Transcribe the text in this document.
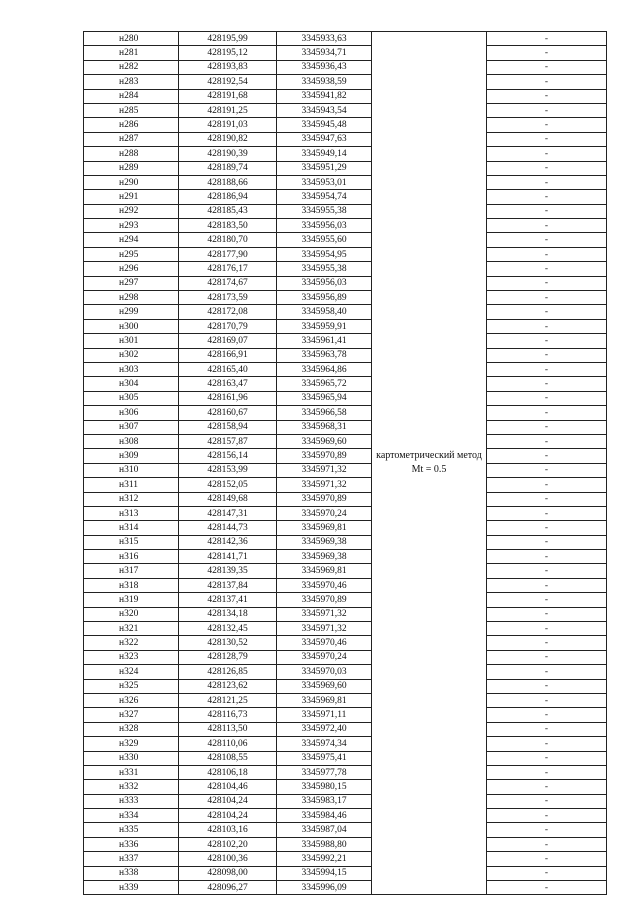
н280	428195,99	3345933,63	картометрический метод Mt = 0.5	-
н281	428195,12	3345934,71		-
н282	428193,83	3345936,43		-
н283	428192,54	3345938,59		-
н284	428191,68	3345941,82		-
н285	428191,25	3345943,54		-
н286	428191,03	3345945,48		-
н287	428190,82	3345947,63		-
н288	428190,39	3345949,14		-
н289	428189,74	3345951,29		-
н290	428188,66	3345953,01		-
н291	428186,94	3345954,74		-
н292	428185,43	3345955,38		-
н293	428183,50	3345956,03		-
н294	428180,70	3345955,60		-
н295	428177,90	3345954,95		-
н296	428176,17	3345955,38		-
н297	428174,67	3345956,03		-
н298	428173,59	3345956,89		-
н299	428172,08	3345958,40		-
н300	428170,79	3345959,91		-
н301	428169,07	3345961,41		-
н302	428166,91	3345963,78		-
н303	428165,40	3345964,86		-
н304	428163,47	3345965,72		-
н305	428161,96	3345965,94		-
н306	428160,67	3345966,58		-
н307	428158,94	3345968,31		-
н308	428157,87	3345969,60		-
н309	428156,14	3345970,89		-
н310	428153,99	3345971,32		-
н311	428152,05	3345971,32		-
н312	428149,68	3345970,89		-
н313	428147,31	3345970,24		-
н314	428144,73	3345969,81		-
н315	428142,36	3345969,38		-
н316	428141,71	3345969,38		-
н317	428139,35	3345969,81		-
н318	428137,84	3345970,46		-
н319	428137,41	3345970,89		-
н320	428134,18	3345971,32		-
н321	428132,45	3345971,32		-
н322	428130,52	3345970,46		-
н323	428128,79	3345970,24		-
н324	428126,85	3345970,03		-
н325	428123,62	3345969,60		-
н326	428121,25	3345969,81		-
н327	428116,73	3345971,11		-
н328	428113,50	3345972,40		-
н329	428110,06	3345974,34		-
н330	428108,55	3345975,41		-
н331	428106,18	3345977,78		-
н332	428104,46	3345980,15		-
н333	428104,24	3345983,17		-
н334	428104,24	3345984,46		-
н335	428103,16	3345987,04		-
н336	428102,20	3345988,80		-
н337	428100,36	3345992,21		-
н338	428098,00	3345994,15		-
н339	428096,27	3345996,09		-
